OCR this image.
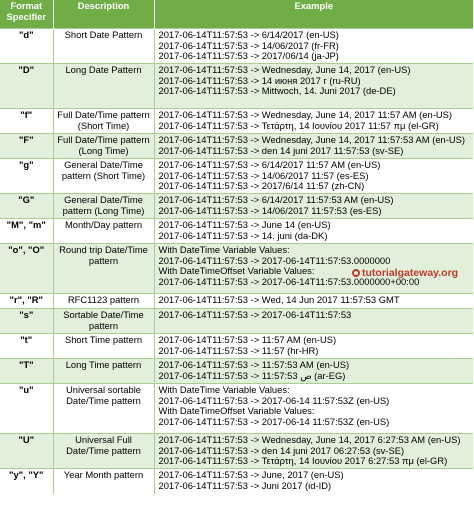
Format Specifier	Description	Example
"d"	Short Date Pattern	2017-06-14T11:57:53 -> 6/14/2017 (en-US)
2017-06-14T11:57:53 -> 14/06/2017 (fr-FR)
2017-06-14T11:57:53 -> 2017/06/14 (ja-JP)

"D"	Long Date Pattern	2017-06-14T11:57:53 -> Wednesday, June 14, 2017 (en-US)
2017-06-14T11:57:53 -> 14 июня 2017 г (ru-RU)
2017-06-14T11:57:53 -> Mittwoch, 14. Juni 2017 (de-DE)

"f"	Full Date/Time pattern (Short Time)	2017-06-14T11:57:53 -> Wednesday, June 14, 2017 11:57 AM (en-US)
2017-06-14T11:57:53 -> Τετάρτη, 14 Ιουνίου 2017 11:57 πμ (el-GR)

"F"	Full Date/Time pattern (Long Time)	2017-06-14T11:57:53 -> Wednesday, June 14, 2017 11:57:53 AM (en-US)
2017-06-14T11:57:53 -> den 14 juni 2017 11:57:53 (sv-SE)

"g"	General Date/Time pattern (Short Time)	2017-06-14T11:57:53 -> 6/14/2017 11:57 AM (en-US)
2017-06-14T11:57:53 -> 14/06/2017 11:57 (es-ES)
2017-06-14T11:57:53 -> 2017/6/14 11:57 (zh-CN)

"G"	General Date/Time pattern (Long Time)	2017-06-14T11:57:53 -> 6/14/2017 11:57:53 AM (en-US)
2017-06-14T11:57:53 -> 14/06/2017 11:57:53 (es-ES)

"M", "m"	Month/Day pattern	2017-06-14T11:57:53 -> June 14 (en-US)
2017-06-14T11:57:53 -> 14. juni (da-DK)

"o", "O"	Round trip Date/Time pattern	With DateTime Variable Values:
2017-06-14T11:57:53 -> 2017-06-14T11:57:53.0000000
With DateTimeOffset Variable Values:
2017-06-14T11:57:53 -> 2017-06-14T11:57:53.0000000+00:00

"r", "R"	RFC1123 pattern	2017-06-14T11:57:53 -> Wed, 14 Jun 2017 11:57:53 GMT

"s"	Sortable Date/Time pattern	2017-06-14T11:57:53 -> 2017-06-14T11:57:53

"t"	Short Time pattern	2017-06-14T11:57:53 -> 11:57 AM (en-US)
2017-06-14T11:57:53 -> 11:57 (hr-HR)

"T"	Long Time pattern	2017-06-14T11:57:53 -> 11:57:53 AM (en-US)
2017-06-14T11:57:53 -> 11:57:53 ص (ar-EG)

"u"	Universal sortable Date/Time pattern	With DateTime Variable Values:
2017-06-14T11:57:53 -> 2017-06-14 11:57:53Z (en-US)
With DateTimeOffset Variable Values:
2017-06-14T11:57:53 -> 2017-06-14 11:57:53Z (en-US)

"U"	Universal Full Date/Time pattern	2017-06-14T11:57:53 -> Wednesday, June 14, 2017 6:27:53 AM (en-US)
2017-06-14T11:57:53 -> den 14 juni 2017 06:27:53 (sv-SE)
2017-06-14T11:57:53 -> Τετάρτη, 14 Ιουνίου 2017 6:27:53 πμ (el-GR)

"y", "Y"	Year Month pattern	2017-06-14T11:57:53 -> June, 2017 (en-US)
2017-06-14T11:57:53 -> Juni 2017 (id-ID)
tutorialgateway.org
